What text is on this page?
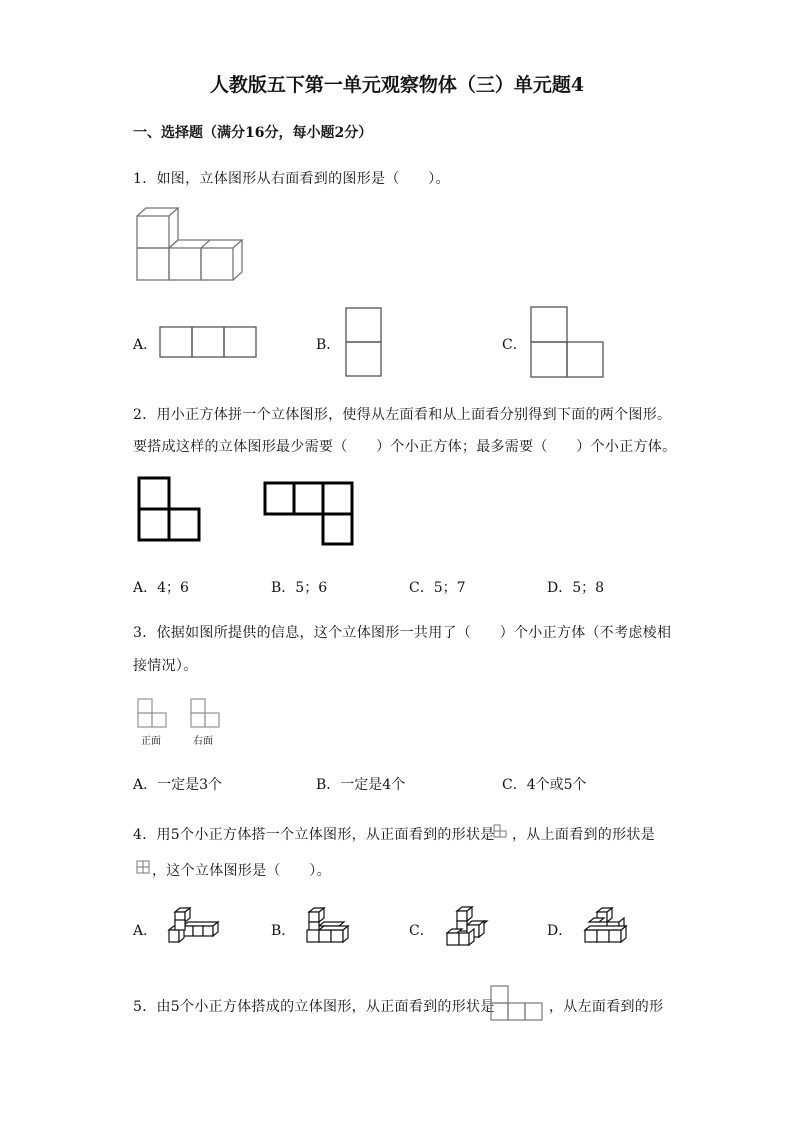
人教版五下第一单元观察物体（三）单元题4
一、选择题（满分16分，每小题2分）
1．如图，立体图形从右面看到的图形是（　　）。
A．	B．	C．
2．用小正方体拼一个立体图形，使得从左面看和从上面看分别得到下面的两个图形。
要搭成这样的立体图形最少需要（　　）个小正方体；最多需要（　　）个小正方体。
A．4；6	B．5；6	C．5；7	D．5；8
3．依据如图所提供的信息，这个立体图形一共用了（　　）个小正方体（不考虑棱相
接情况）。
正面	右面
A．一定是3个	B．一定是4个	C．4个或5个
4．用5个小正方体搭一个立体图形，从正面看到的形状是 ，从上面看到的形状是
，这个立体图形是（　　）。
A．	B．	C．	D．
5．由5个小正方体搭成的立体图形，从正面看到的形状是	，从左面看到的形
